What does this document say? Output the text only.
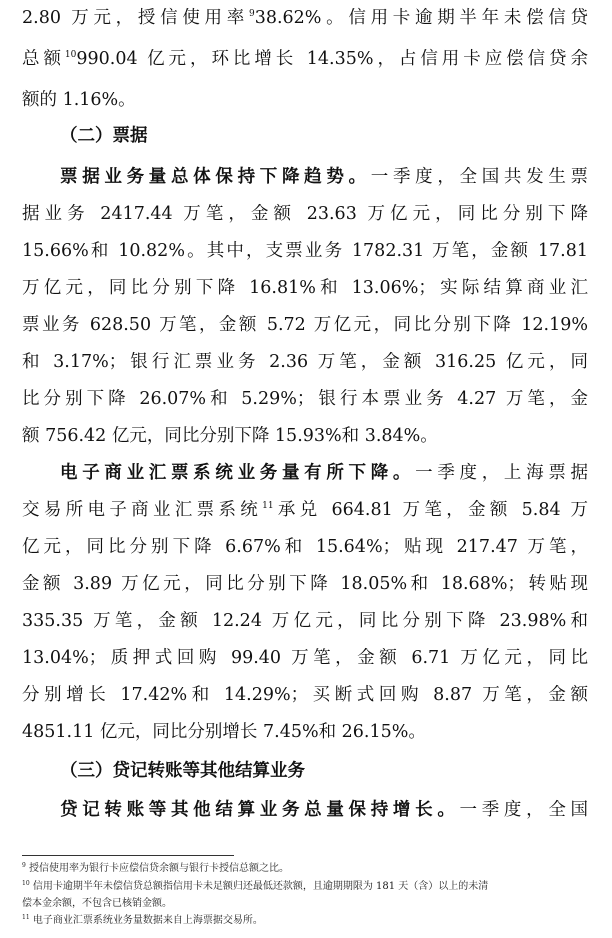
2.80 万元，授信使用率$^9$38.62%。信用卡逾期半年未偿信贷
总额$^{10}$990.04 亿元，环比增长 14.35%，占信用卡应偿信贷余
额的 1.16%。
（二）票据
票据业务量总体保持下降趋势。一季度，全国共发生票
据业务 2417.44 万笔，金额 23.63 万亿元，同比分别下降
15.66%和 10.82%。其中，支票业务 1782.31 万笔，金额 17.81
万亿元，同比分别下降 16.81%和 13.06%；实际结算商业汇
票业务 628.50 万笔，金额 5.72 万亿元，同比分别下降 12.19%
和 3.17%；银行汇票业务 2.36 万笔，金额 316.25 亿元，同
比分别下降 26.07%和 5.29%；银行本票业务 4.27 万笔，金
额 756.42 亿元，同比分别下降 15.93%和 3.84%。
电子商业汇票系统业务量有所下降。一季度，上海票据
交易所电子商业汇票系统$^{11}$承兑 664.81 万笔，金额 5.84 万
亿元，同比分别下降 6.67%和 15.64%；贴现 217.47 万笔，
金额 3.89 万亿元，同比分别下降 18.05%和 18.68%；转贴现
335.35 万笔，金额 12.24 万亿元，同比分别下降 23.98%和
13.04%；质押式回购 99.40 万笔，金额 6.71 万亿元，同比
分别增长 17.42%和 14.29%；买断式回购 8.87 万笔，金额
4851.11 亿元，同比分别增长 7.45%和 26.15%。
（三）贷记转账等其他结算业务
贷记转账等其他结算业务总量保持增长。一季度，全国
$^9$ 授信使用率为银行卡应偿信贷余额与银行卡授信总额之比。
$^{10}$ 信用卡逾期半年未偿信贷总额指信用卡未足额归还最低还款额，且逾期期限为 181 天（含）以上的未清
偿本金余额，不包含已核销金额。
$^{11}$ 电子商业汇票系统业务量数据来自上海票据交易所。
